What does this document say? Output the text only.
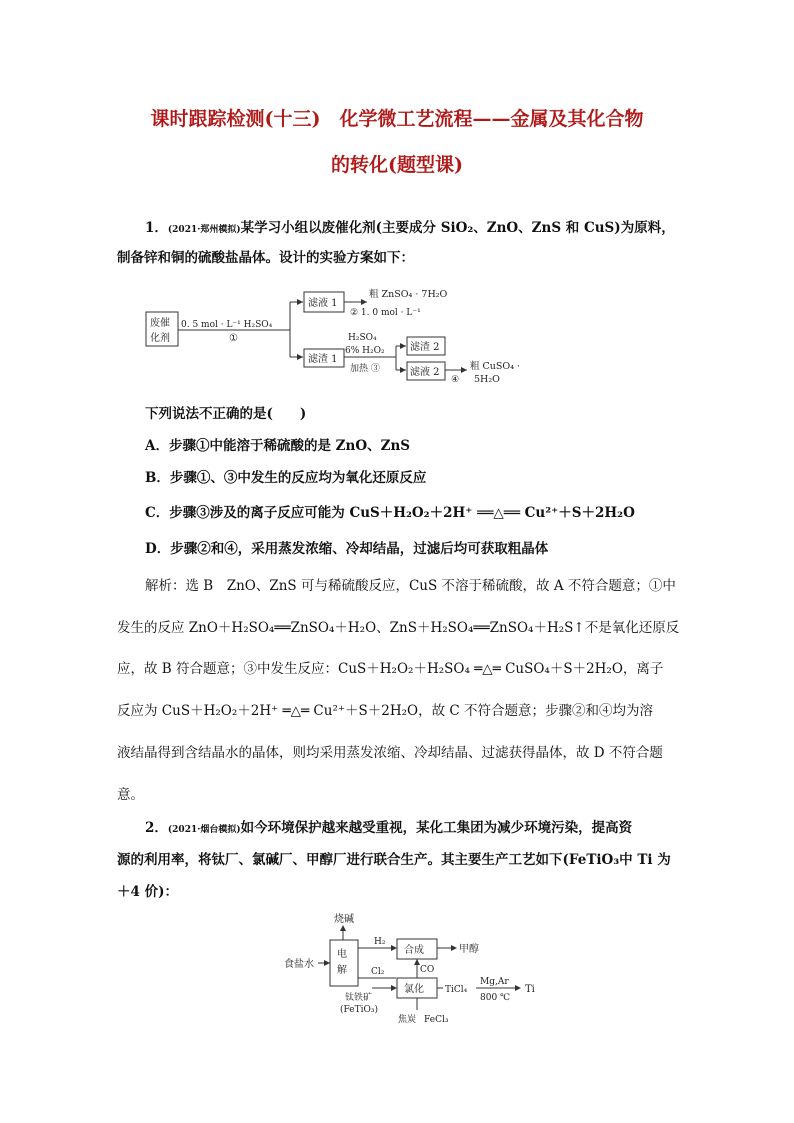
课时跟踪检测(十三)　化学微工艺流程——金属及其化合物
的转化(题型课)
1．(2021·郑州模拟)某学习小组以废催化剂(主要成分 SiO₂、ZnO、ZnS 和 CuS)为原料，
制备锌和铜的硫酸盐晶体。设计的实验方案如下：
废催
化剂
0. 5 mol · L⁻¹ H₂SO₄
①
滤液 1
粗 ZnSO₄ · 7H₂O
② 1. 0 mol · L⁻¹
滤渣 1
H₂SO₄
6% H₂O₂
加热 ③
滤渣 2
滤液 2
④
粗 CuSO₄ ·
5H₂O
下列说法不正确的是(　　)
A．步骤①中能溶于稀硫酸的是 ZnO、ZnS
B．步骤①、③中发生的反应均为氧化还原反应
C．步骤③涉及的离子反应可能为 CuS＋H₂O₂＋2H⁺ ══△══ Cu²⁺＋S＋2H₂O
D．步骤②和④，采用蒸发浓缩、冷却结晶，过滤后均可获取粗晶体
解析：选 B　ZnO、ZnS 可与稀硫酸反应，CuS 不溶于稀硫酸，故 A 不符合题意；①中
发生的反应 ZnO＋H₂SO₄══ZnSO₄＋H₂O、ZnS＋H₂SO₄══ZnSO₄＋H₂S↑不是氧化还原反
应，故 B 符合题意；③中发生反应：CuS＋H₂O₂＋H₂SO₄ ═△═ CuSO₄＋S＋2H₂O，离子
反应为 CuS＋H₂O₂＋2H⁺ ═△═ Cu²⁺＋S＋2H₂O，故 C 不符合题意；步骤②和④均为溶
液结晶得到含结晶水的晶体，则均采用蒸发浓缩、冷却结晶、过滤获得晶体，故 D 不符合题
意。
2．(2021·烟台模拟)如今环境保护越来越受重视，某化工集团为减少环境污染，提高资
源的利用率，将钛厂、氯碱厂、甲醇厂进行联合生产。其主要生产工艺如下(FeTiO₃中 Ti 为
＋4 价)：
烧碱
食盐水
电
解
H₂
合成	甲醇
CO
Cl₂
氯化 TiCl₄
Mg,Ar
800 ℃
Ti
钛铁矿
(FeTiO₃)
焦炭 FeCl₃
